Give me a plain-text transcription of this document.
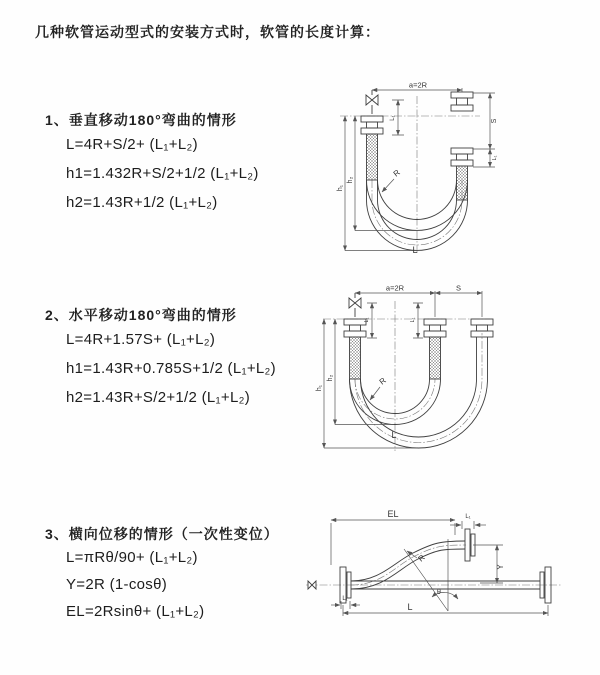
几种软管运动型式的安装方式时，软管的长度计算：
1、垂直移动180°弯曲的情形
L=4R+S/2+ (L₁+L₂)
h1=1.432R+S/2+1/2 (L₁+L₂)
h2=1.43R+1/2 (L₁+L₂)
2、水平移动180°弯曲的情形
L=4R+1.57S+ (L₁+L₂)
h1=1.43R+0.785S+1/2 (L₁+L₂)
h2=1.43R+S/2+1/2 (L₁+L₂)
3、横向位移的情形（一次性变位）
L=πRθ/90+ (L₁+L₂)
Y=2R (1-cosθ)
EL=2Rsinθ+ (L₁+L₂)
a=2R
h₁
h₂
L₁
S
L₁
R
L
a=2R	S
h₁
h₂
L₁	L₁
R
L
EL	L₁
Y
R
θ
L
L₁
